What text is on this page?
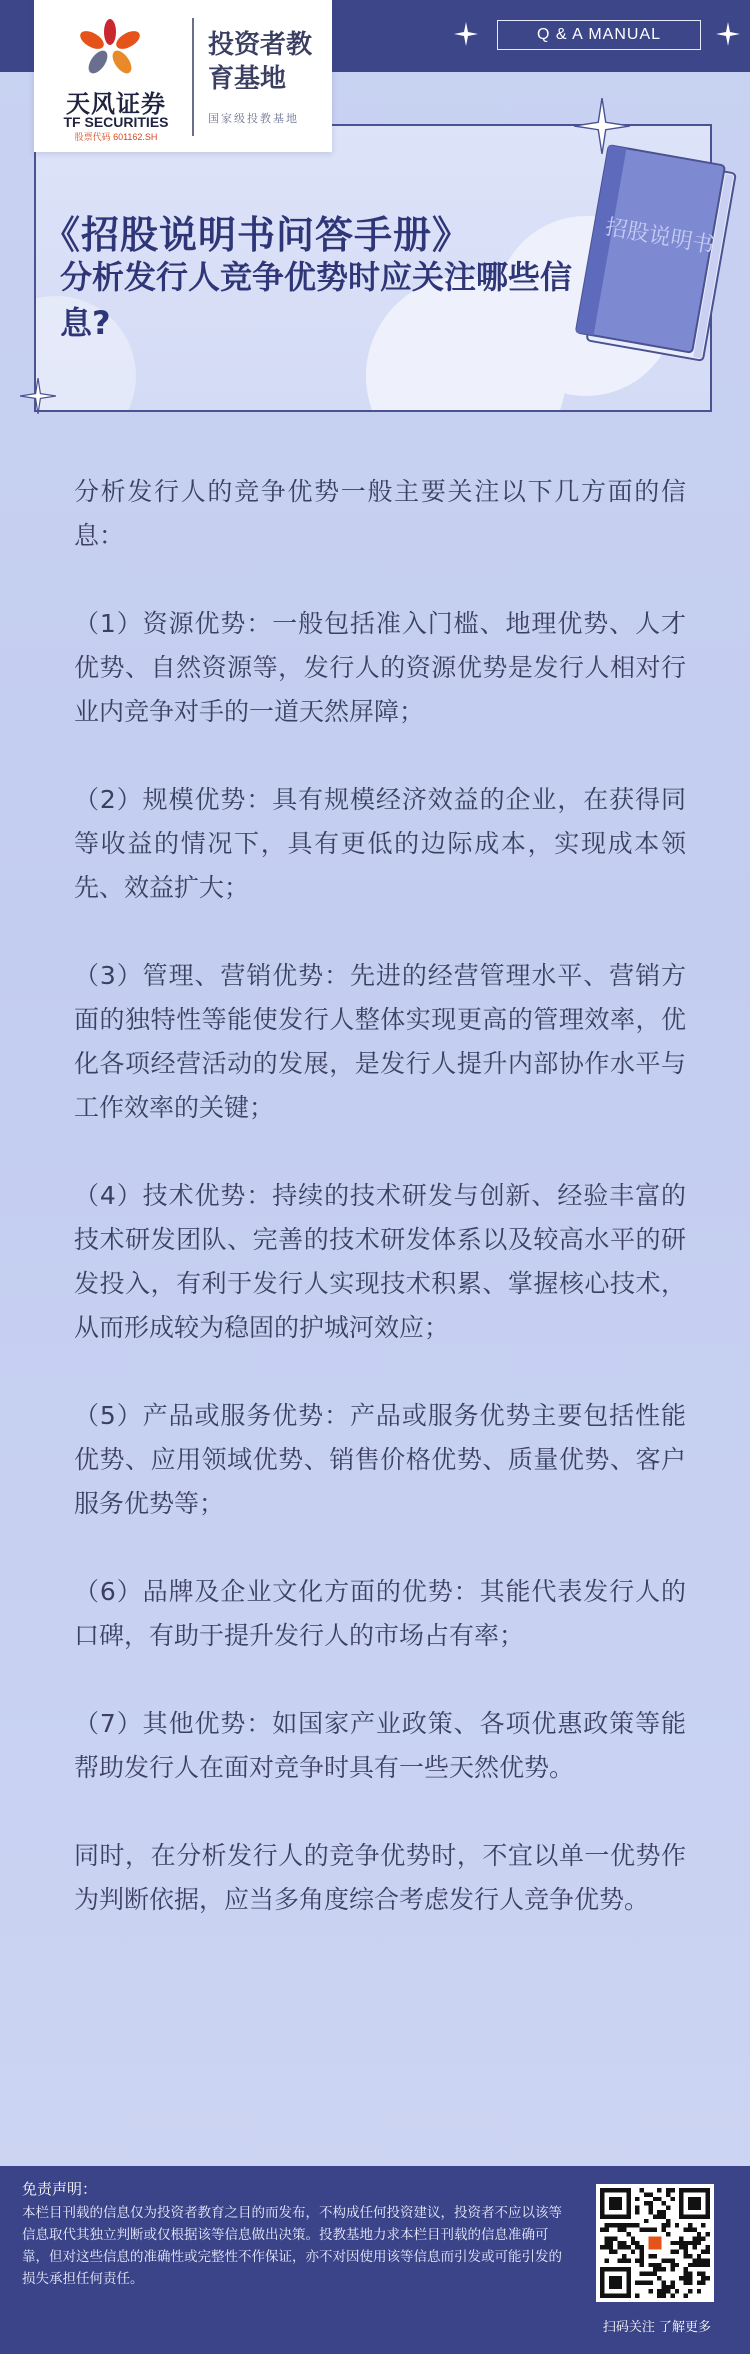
Q & A MANUAL
《招股说明书问答手册》
分析发行人竞争优势时应关注哪些信息?
招股说明书
天风证券
TF SECURITIES
股票代码 601162.SH
投资者教育基地
国家级投教基地

分析发行人的竞争优势一般主要关注以下几方面的信息：

（1）资源优势：一般包括准入门槛、地理优势、人才优势、自然资源等，发行人的资源优势是发行人相对行业内竞争对手的一道天然屏障；

（2）规模优势：具有规模经济效益的企业，在获得同等收益的情况下，具有更低的边际成本，实现成本领先、效益扩大；

（3）管理、营销优势：先进的经营管理水平、营销方面的独特性等能使发行人整体实现更高的管理效率，优化各项经营活动的发展，是发行人提升内部协作水平与工作效率的关键；

（4）技术优势：持续的技术研发与创新、经验丰富的技术研发团队、完善的技术研发体系以及较高水平的研发投入，有利于发行人实现技术积累、掌握核心技术，从而形成较为稳固的护城河效应；

（5）产品或服务优势：产品或服务优势主要包括性能优势、应用领域优势、销售价格优势、质量优势、客户服务优势等；

（6）品牌及企业文化方面的优势：其能代表发行人的口碑，有助于提升发行人的市场占有率；

（7）其他优势：如国家产业政策、各项优惠政策等能帮助发行人在面对竞争时具有一些天然优势。

同时，在分析发行人的竞争优势时，不宜以单一优势作为判断依据，应当多角度综合考虑发行人竞争优势。

免责声明：
本栏目刊载的信息仅为投资者教育之目的而发布，不构成任何投资建议，投资者不应以该等信息取代其独立判断或仅根据该等信息做出决策。投教基地力求本栏目刊载的信息准确可靠，但对这些信息的准确性或完整性不作保证，亦不对因使用该等信息而引发或可能引发的损失承担任何责任。
扫码关注 了解更多
